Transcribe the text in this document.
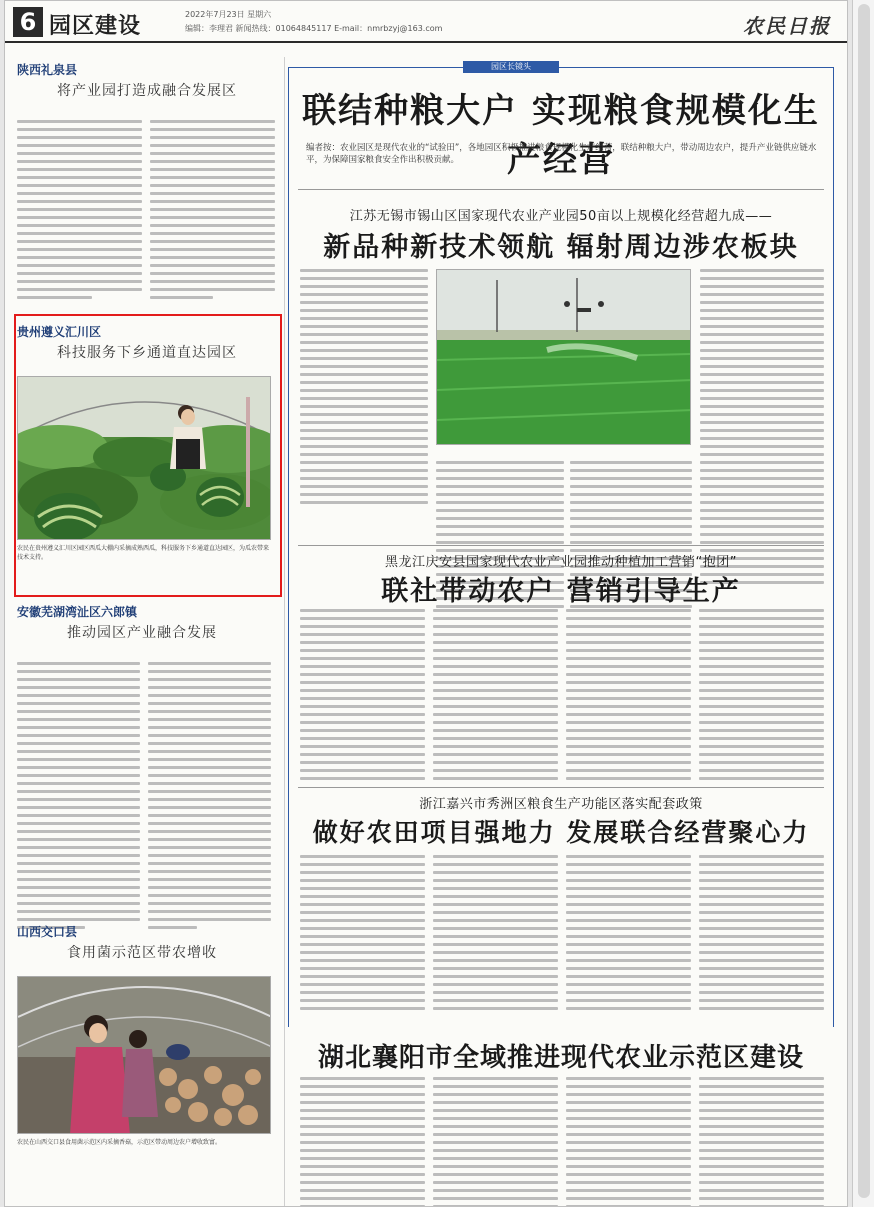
6 园区建设	2022年7月23日 星期六
编辑：李理君 新闻热线：01064845117 E-mail：nmrbzyj@163.com	农民日报
陕西礼泉县
将产业园打造成融合发展区
贵州遵义汇川区
科技服务下乡通道直达园区
农民在贵州遵义汇川区园区西瓜大棚内采摘成熟西瓜，科技服务下乡通道直达园区，为瓜农带来技术支持。
安徽芜湖湾沚区六郎镇
推动园区产业融合发展
山西交口县
食用菌示范区带农增收
农民在山西交口县食用菌示范区内采摘香菇，示范区带动周边农户增收致富。
园区长镜头
联结种粮大户 实现粮食规模化生产经营
编者按：农业园区是现代农业的“试验田”，各地园区积极推进粮食规模化生产经营，联结种粮大户，带动周边农户，提升产业链供应链水平，为保障国家粮食安全作出积极贡献。
江苏无锡市锡山区国家现代农业产业园50亩以上规模化经营超九成——
新品种新技术领航 辐射周边涉农板块
黑龙江庆安县国家现代农业产业园推动种植加工营销“抱团”
联社带动农户 营销引导生产
浙江嘉兴市秀洲区粮食生产功能区落实配套政策
做好农田项目强地力 发展联合经营聚心力
湖北襄阳市全域推进现代农业示范区建设
